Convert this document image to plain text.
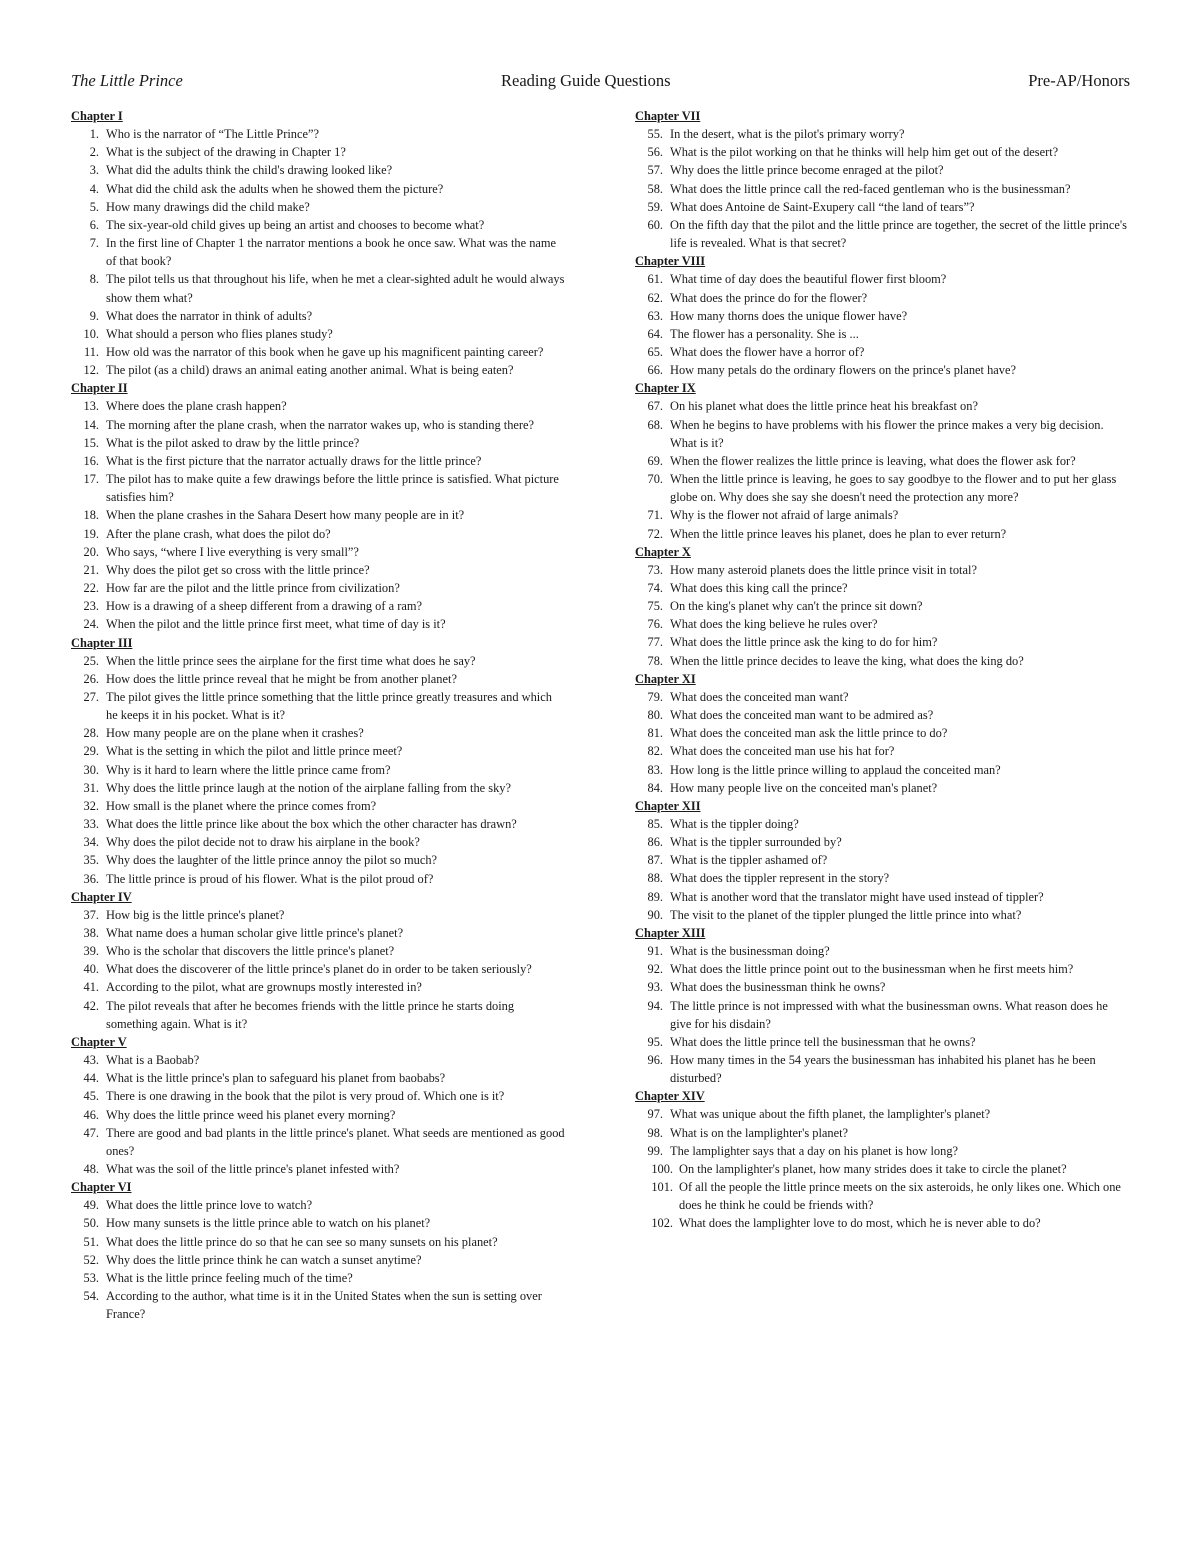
The Little Prince	Reading Guide Questions	Pre-AP/Honors
Chapter I
1. Who is the narrator of “The Little Prince”?
2. What is the subject of the drawing in Chapter 1?
3. What did the adults think the child's drawing looked like?
4. What did the child ask the adults when he showed them the picture?
5. How many drawings did the child make?
6. The six-year-old child gives up being an artist and chooses to become what?
7. In the first line of Chapter 1 the narrator mentions a book he once saw. What was the name of that book?
8. The pilot tells us that throughout his life, when he met a clear-sighted adult he would always show them what?
9. What does the narrator in think of adults?
10. What should a person who flies planes study?
11. How old was the narrator of this book when he gave up his magnificent painting career?
12. The pilot (as a child) draws an animal eating another animal. What is being eaten?
Chapter II
13. Where does the plane crash happen?
14. The morning after the plane crash, when the narrator wakes up, who is standing there?
15. What is the pilot asked to draw by the little prince?
16. What is the first picture that the narrator actually draws for the little prince?
17. The pilot has to make quite a few drawings before the little prince is satisfied. What picture satisfies him?
18. When the plane crashes in the Sahara Desert how many people are in it?
19. After the plane crash, what does the pilot do?
20. Who says, “where I live everything is very small”?
21. Why does the pilot get so cross with the little prince?
22. How far are the pilot and the little prince from civilization?
23. How is a drawing of a sheep different from a drawing of a ram?
24. When the pilot and the little prince first meet, what time of day is it?
Chapter III
25. When the little prince sees the airplane for the first time what does he say?
26. How does the little prince reveal that he might be from another planet?
27. The pilot gives the little prince something that the little prince greatly treasures and which he keeps it in his pocket. What is it?
28. How many people are on the plane when it crashes?
29. What is the setting in which the pilot and little prince meet?
30. Why is it hard to learn where the little prince came from?
31. Why does the little prince laugh at the notion of the airplane falling from the sky?
32. How small is the planet where the prince comes from?
33. What does the little prince like about the box which the other character has drawn?
34. Why does the pilot decide not to draw his airplane in the book?
35. Why does the laughter of the little prince annoy the pilot so much?
36. The little prince is proud of his flower. What is the pilot proud of?
Chapter IV
37. How big is the little prince's planet?
38. What name does a human scholar give little prince's planet?
39. Who is the scholar that discovers the little prince's planet?
40. What does the discoverer of the little prince's planet do in order to be taken seriously?
41. According to the pilot, what are grownups mostly interested in?
42. The pilot reveals that after he becomes friends with the little prince he starts doing something again. What is it?
Chapter V
43. What is a Baobab?
44. What is the little prince's plan to safeguard his planet from baobabs?
45. There is one drawing in the book that the pilot is very proud of. Which one is it?
46. Why does the little prince weed his planet every morning?
47. There are good and bad plants in the little prince's planet. What seeds are mentioned as good ones?
48. What was the soil of the little prince's planet infested with?
Chapter VI
49. What does the little prince love to watch?
50. How many sunsets is the little prince able to watch on his planet?
51. What does the little prince do so that he can see so many sunsets on his planet?
52. Why does the little prince think he can watch a sunset anytime?
53. What is the little prince feeling much of the time?
54. According to the author, what time is it in the United States when the sun is setting over France?
Chapter VII
55. In the desert, what is the pilot's primary worry?
56. What is the pilot working on that he thinks will help him get out of the desert?
57. Why does the little prince become enraged at the pilot?
58. What does the little prince call the red-faced gentleman who is the businessman?
59. What does Antoine de Saint-Exupery call “the land of tears”?
60. On the fifth day that the pilot and the little prince are together, the secret of the little prince's life is revealed. What is that secret?
Chapter VIII
61. What time of day does the beautiful flower first bloom?
62. What does the prince do for the flower?
63. How many thorns does the unique flower have?
64. The flower has a personality. She is ...
65. What does the flower have a horror of?
66. How many petals do the ordinary flowers on the prince's planet have?
Chapter IX
67. On his planet what does the little prince heat his breakfast on?
68. When he begins to have problems with his flower the prince makes a very big decision. What is it?
69. When the flower realizes the little prince is leaving, what does the flower ask for?
70. When the little prince is leaving, he goes to say goodbye to the flower and to put her glass globe on. Why does she say she doesn't need the protection any more?
71. Why is the flower not afraid of large animals?
72. When the little prince leaves his planet, does he plan to ever return?
Chapter X
73. How many asteroid planets does the little prince visit in total?
74. What does this king call the prince?
75. On the king's planet why can't the prince sit down?
76. What does the king believe he rules over?
77. What does the little prince ask the king to do for him?
78. When the little prince decides to leave the king, what does the king do?
Chapter XI
79. What does the conceited man want?
80. What does the conceited man want to be admired as?
81. What does the conceited man ask the little prince to do?
82. What does the conceited man use his hat for?
83. How long is the little prince willing to applaud the conceited man?
84. How many people live on the conceited man's planet?
Chapter XII
85. What is the tippler doing?
86. What is the tippler surrounded by?
87. What is the tippler ashamed of?
88. What does the tippler represent in the story?
89. What is another word that the translator might have used instead of tippler?
90. The visit to the planet of the tippler plunged the little prince into what?
Chapter XIII
91. What is the businessman doing?
92. What does the little prince point out to the businessman when he first meets him?
93. What does the businessman think he owns?
94. The little prince is not impressed with what the businessman owns. What reason does he give for his disdain?
95. What does the little prince tell the businessman that he owns?
96. How many times in the 54 years the businessman has inhabited his planet has he been disturbed?
Chapter XIV
97. What was unique about the fifth planet, the lamplighter's planet?
98. What is on the lamplighter's planet?
99. The lamplighter says that a day on his planet is how long?
100. On the lamplighter's planet, how many strides does it take to circle the planet?
101. Of all the people the little prince meets on the six asteroids, he only likes one. Which one does he think he could be friends with?
102. What does the lamplighter love to do most, which he is never able to do?
